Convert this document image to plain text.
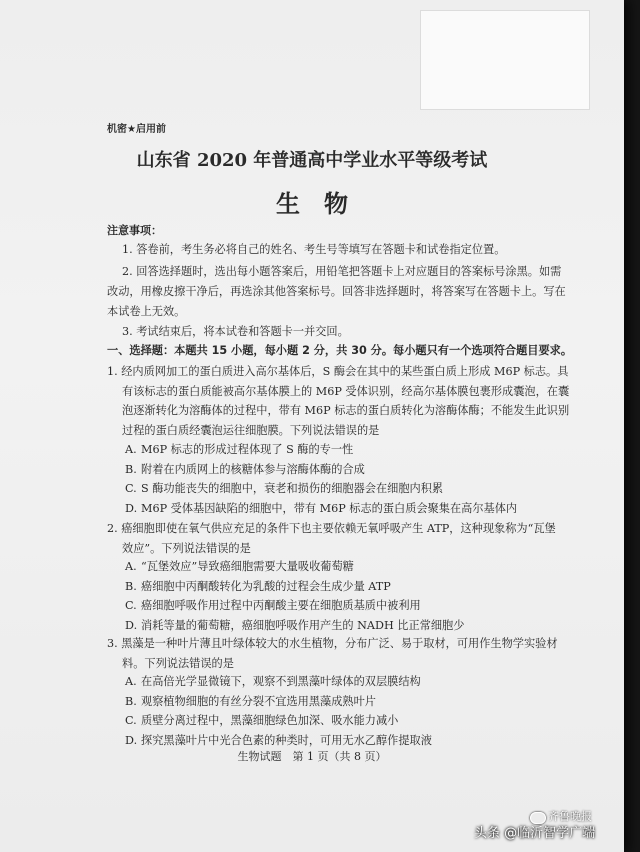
机密★启用前
山东省 2020 年普通高中学业水平等级考试
生物
注意事项：
1. 答卷前，考生务必将自己的姓名、考生号等填写在答题卡和试卷指定位置。
2. 回答选择题时，选出每小题答案后，用铅笔把答题卡上对应题目的答案标号涂黑。如需
改动，用橡皮擦干净后，再选涂其他答案标号。回答非选择题时，将答案写在答题卡上。写在
本试卷上无效。
3. 考试结束后，将本试卷和答题卡一并交回。
一、选择题：本题共 15 小题，每小题 2 分，共 30 分。每小题只有一个选项符合题目要求。
1. 经内质网加工的蛋白质进入高尔基体后，S 酶会在其中的某些蛋白质上形成 M6P 标志。具
有该标志的蛋白质能被高尔基体膜上的 M6P 受体识别，经高尔基体膜包裹形成囊泡，在囊
泡逐渐转化为溶酶体的过程中，带有 M6P 标志的蛋白质转化为溶酶体酶；不能发生此识别
过程的蛋白质经囊泡运往细胞膜。下列说法错误的是
A. M6P 标志的形成过程体现了 S 酶的专一性
B. 附着在内质网上的核糖体参与溶酶体酶的合成
C. S 酶功能丧失的细胞中，衰老和损伤的细胞器会在细胞内积累
D. M6P 受体基因缺陷的细胞中，带有 M6P 标志的蛋白质会聚集在高尔基体内
2. 癌细胞即使在氧气供应充足的条件下也主要依赖无氧呼吸产生 ATP，这种现象称为“瓦堡
效应”。下列说法错误的是
A. “瓦堡效应”导致癌细胞需要大量吸收葡萄糖
B. 癌细胞中丙酮酸转化为乳酸的过程会生成少量 ATP
C. 癌细胞呼吸作用过程中丙酮酸主要在细胞质基质中被利用
D. 消耗等量的葡萄糖，癌细胞呼吸作用产生的 NADH 比正常细胞少
3. 黑藻是一种叶片薄且叶绿体较大的水生植物，分布广泛、易于取材，可用作生物学实验材
料。下列说法错误的是
A. 在高倍光学显微镜下，观察不到黑藻叶绿体的双层膜结构
B. 观察植物细胞的有丝分裂不宜选用黑藻成熟叶片
C. 质壁分离过程中，黑藻细胞绿色加深、吸水能力减小
D. 探究黑藻叶片中光合色素的种类时，可用无水乙醇作提取液
生物试题　第 1 页（共 8 页）
齐鲁晚报
头条 @临沂智学广端
